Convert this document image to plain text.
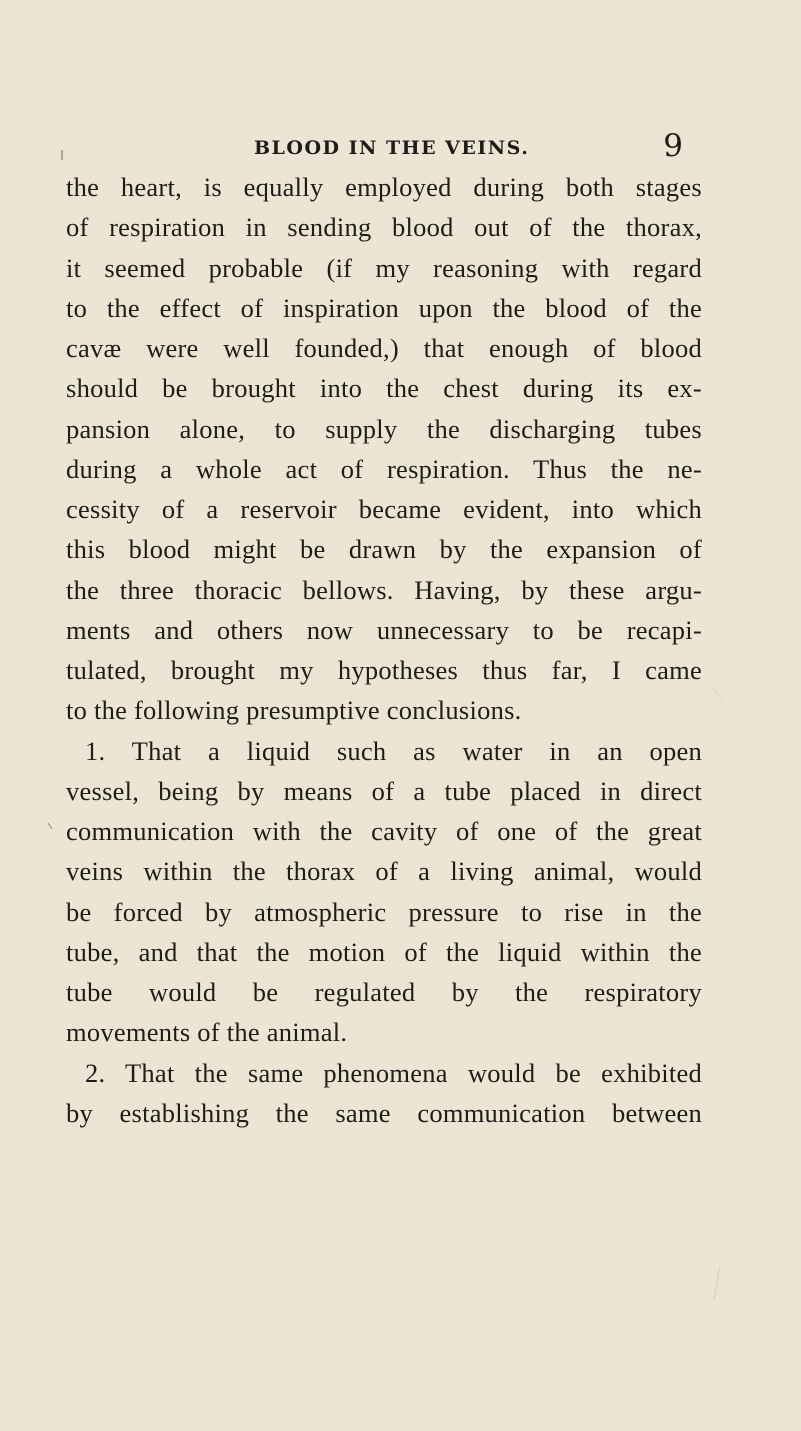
BLOOD IN THE VEINS.	9
the heart, is equally employed during both stages
of respiration in sending blood out of the thorax,
it seemed probable (if my reasoning with regard
to the effect of inspiration upon the blood of the
cavæ were well founded,) that enough of blood
should be brought into the chest during its ex-
pansion alone, to supply the discharging tubes
during a whole act of respiration. Thus the ne-
cessity of a reservoir became evident, into which
this blood might be drawn by the expansion of
the three thoracic bellows. Having, by these argu-
ments and others now unnecessary to be recapi-
tulated, brought my hypotheses thus far, I came
to the following presumptive conclusions.
1. That a liquid such as water in an open
vessel, being by means of a tube placed in direct
communication with the cavity of one of the great
veins within the thorax of a living animal, would
be forced by atmospheric pressure to rise in the
tube, and that the motion of the liquid within the
tube would be regulated by the respiratory
movements of the animal.
2. That the same phenomena would be exhibited
by establishing the same communication between
